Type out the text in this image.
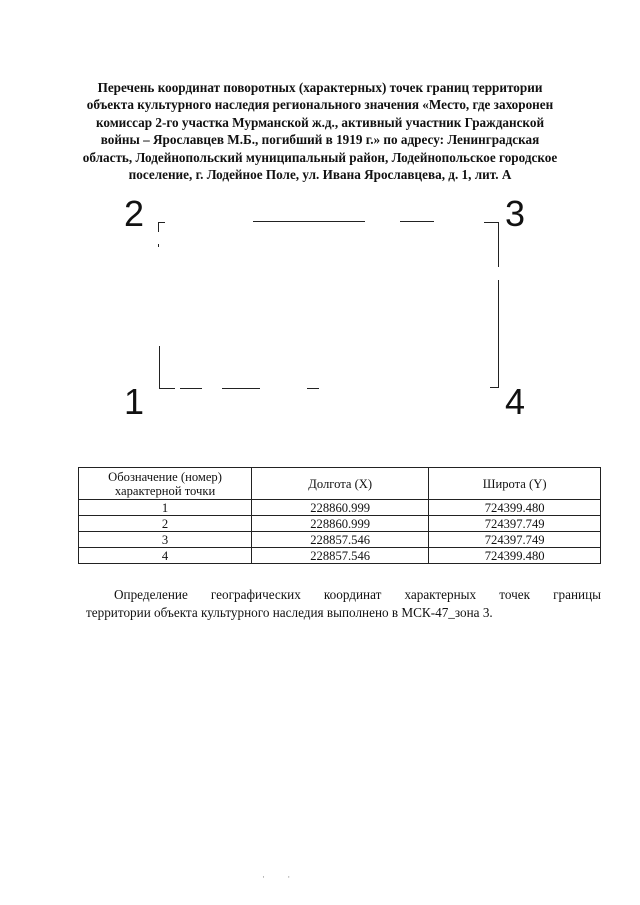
Перечень координат поворотных (характерных) точек границ территории
объекта культурного наследия регионального значения «Место, где захоронен
комиссар 2-го участка Мурманской ж.д., активный участник Гражданской
войны – Ярославцев М.Б., погибший в 1919 г.» по адресу: Ленинградская
область, Лодейнопольский муниципальный район, Лодейнопольское городское
поселение, г. Лодейное Поле, ул. Ивана Ярославцева, д. 1, лит. А
2	3
1	4
Обозначение (номер) характерной точки	Долгота (X)	Широта (Y)
1	228860.999	724399.480
2	228860.999	724397.749
3	228857.546	724397.749
4	228857.546	724399.480
Определение географических координат характерных точек границы
территории объекта культурного наследия выполнено в МСК-47_зона 3.
· ·
